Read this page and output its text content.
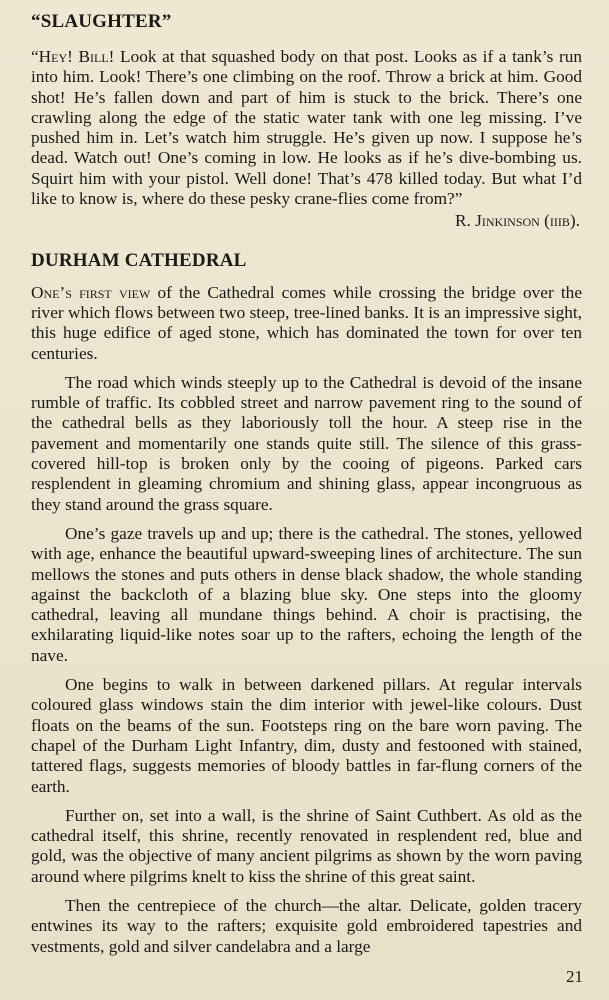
“SLAUGHTER”

“Hey! Bill! Look at that squashed body on that post. Looks as if a tank’s run into him. Look! There’s one climbing on the roof. Throw a brick at him. Good shot! He’s fallen down and part of him is stuck to the brick. There’s one crawling along the edge of the static water tank with one leg missing. I’ve pushed him in. Let’s watch him struggle. He’s given up now. I suppose he’s dead. Watch out! One’s coming in low. He looks as if he’s dive-bombing us. Squirt him with your pistol. Well done! That’s 478 killed today. But what I’d like to know is, where do these pesky crane-flies come from?”

R. Jinkinson (iiib).
DURHAM CATHEDRAL

One’s first view of the Cathedral comes while crossing the bridge over the river which flows between two steep, tree-lined banks. It is an impressive sight, this huge edifice of aged stone, which has dominated the town for over ten centuries.

The road which winds steeply up to the Cathedral is devoid of the insane rumble of traffic. Its cobbled street and narrow pavement ring to the sound of the cathedral bells as they laboriously toll the hour. A steep rise in the pavement and momentarily one stands quite still. The silence of this grass-covered hill-top is broken only by the cooing of pigeons. Parked cars resplendent in gleaming chromium and shining glass, appear incongruous as they stand around the grass square.

One’s gaze travels up and up; there is the cathedral. The stones, yellowed with age, enhance the beautiful upward-sweeping lines of architecture. The sun mellows the stones and puts others in dense black shadow, the whole standing against the backcloth of a blazing blue sky. One steps into the gloomy cathedral, leaving all mundane things behind. A choir is practising, the exhilarating liquid-like notes soar up to the rafters, echoing the length of the nave.

One begins to walk in between darkened pillars. At regular intervals coloured glass windows stain the dim interior with jewel-like colours. Dust floats on the beams of the sun. Footsteps ring on the bare worn paving. The chapel of the Durham Light Infantry, dim, dusty and festooned with stained, tattered flags, suggests memories of bloody battles in far-flung corners of the earth.

Further on, set into a wall, is the shrine of Saint Cuthbert. As old as the cathedral itself, this shrine, recently renovated in resplendent red, blue and gold, was the objective of many ancient pilgrims as shown by the worn paving around where pilgrims knelt to kiss the shrine of this great saint.

Then the centrepiece of the church—the altar. Delicate, golden tracery entwines its way to the rafters; exquisite gold embroidered tapestries and vestments, gold and silver candelabra and a large

21
